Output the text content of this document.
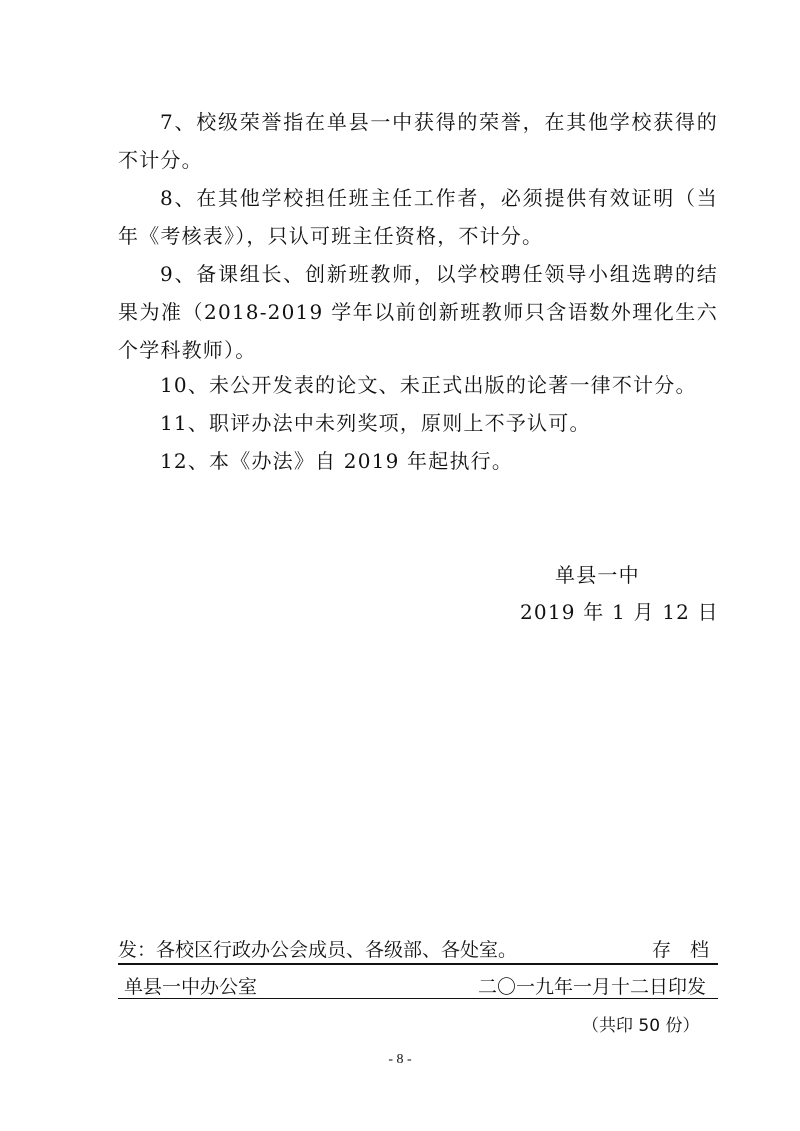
7、校级荣誉指在单县一中获得的荣誉，在其他学校获得的不计分。

8、在其他学校担任班主任工作者，必须提供有效证明（当年《考核表》），只认可班主任资格，不计分。

9、备课组长、创新班教师，以学校聘任领导小组选聘的结果为准（2018-2019 学年以前创新班教师只含语数外理化生六个学科教师）。

10、未公开发表的论文、未正式出版的论著一律不计分。

11、职评办法中未列奖项，原则上不予认可。

12、本《办法》自 2019 年起执行。

单县一中

2019 年 1 月 12 日

发：各校区行政办公会成员、各级部、各处室。	存　档

单县一中办公室	二〇一九年一月十二日印发

（共印 50 份）

- 8 -
